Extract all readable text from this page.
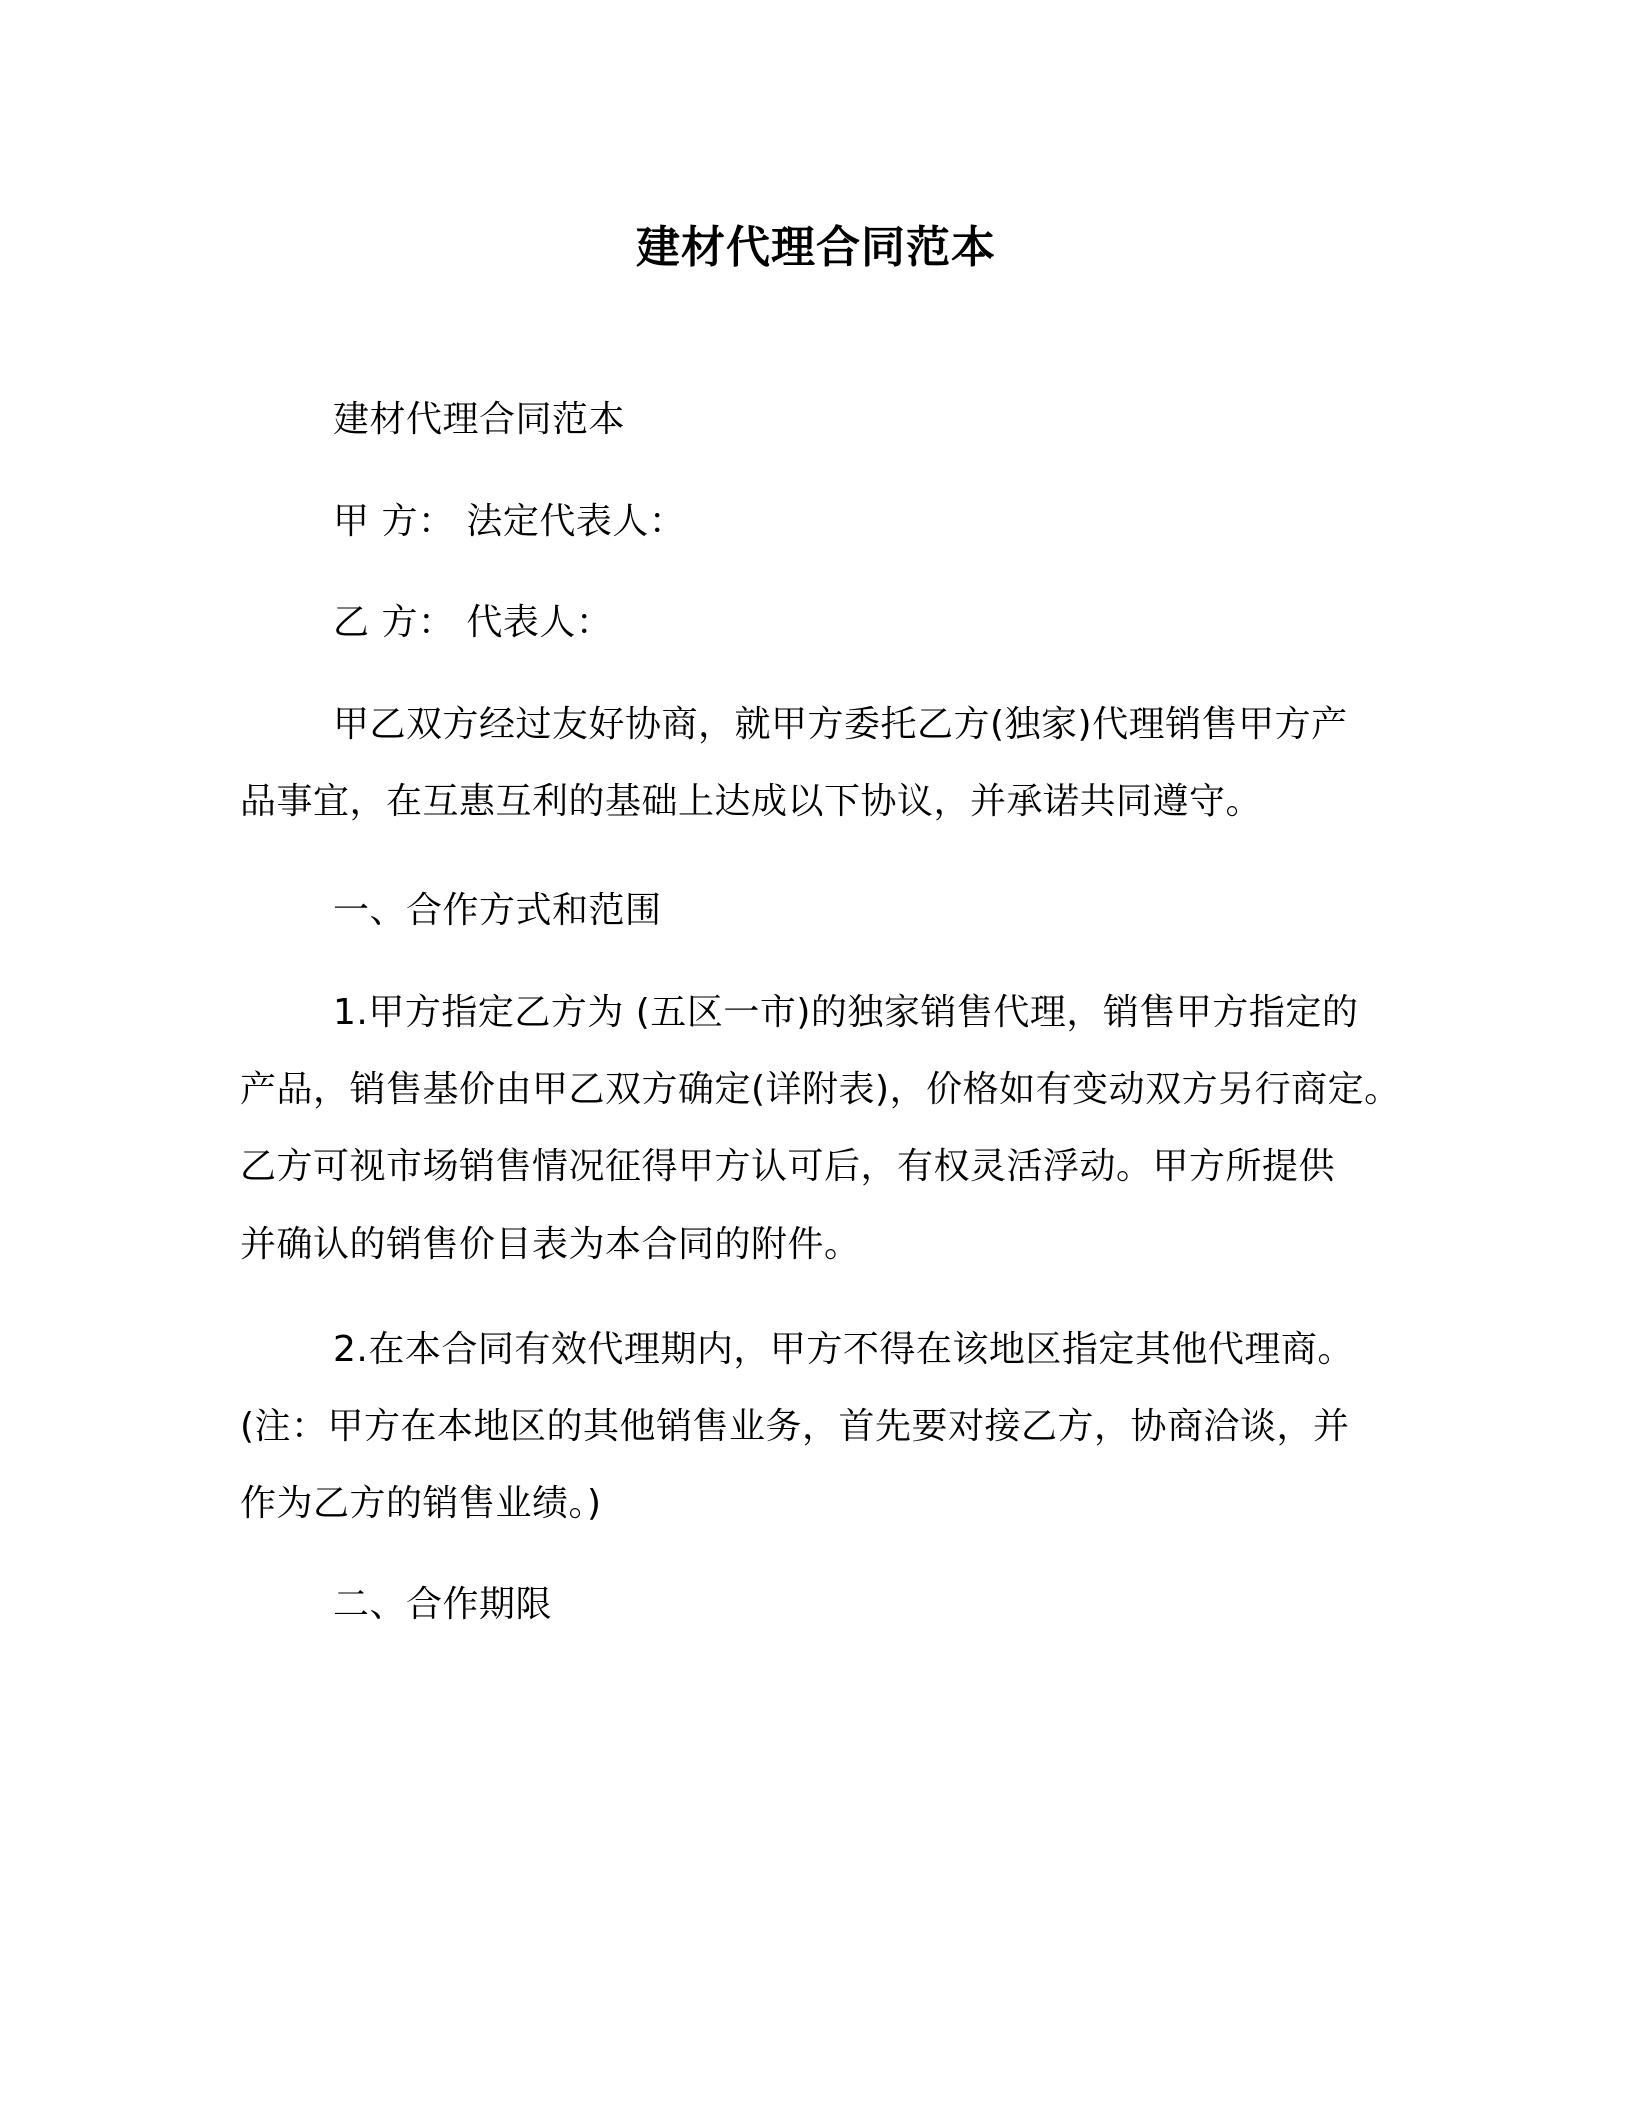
建材代理合同范本
建材代理合同范本
甲 方： 法定代表人：
乙 方： 代表人：
甲乙双方经过友好协商，就甲方委托乙方(独家)代理销售甲方产
品事宜，在互惠互利的基础上达成以下协议，并承诺共同遵守。
一、合作方式和范围
1.甲方指定乙方为 (五区一市)的独家销售代理，销售甲方指定的
产品，销售基价由甲乙双方确定(详附表)，价格如有变动双方另行商定。
乙方可视市场销售情况征得甲方认可后，有权灵活浮动。甲方所提供
并确认的销售价目表为本合同的附件。
2.在本合同有效代理期内，甲方不得在该地区指定其他代理商。
(注：甲方在本地区的其他销售业务，首先要对接乙方，协商洽谈，并
作为乙方的销售业绩。)
二、合作期限
